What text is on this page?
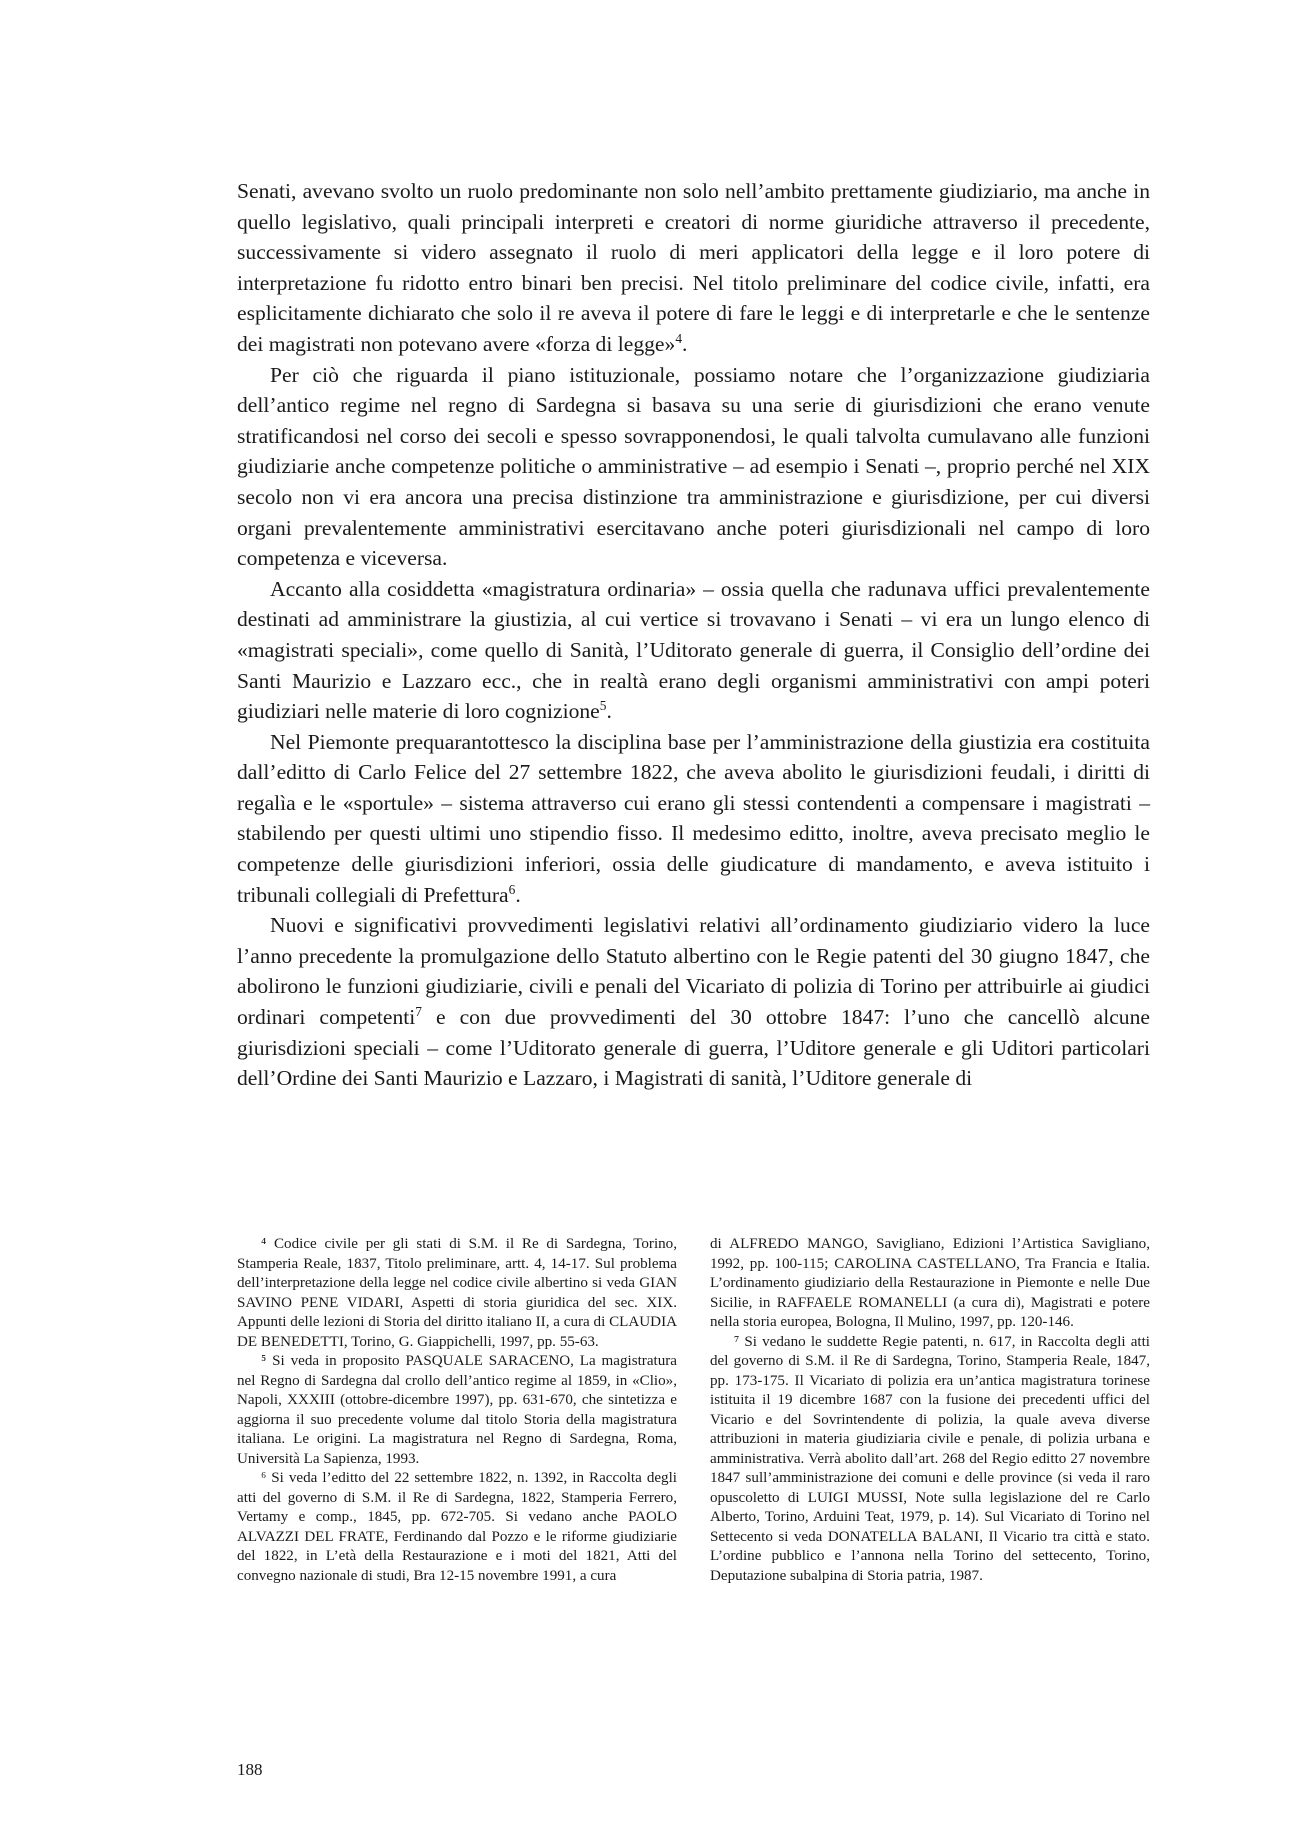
Senati, avevano svolto un ruolo predominante non solo nell’ambito prettamente giudiziario, ma anche in quello legislativo, quali principali interpreti e creatori di norme giuridiche attraverso il precedente, successivamente si videro assegnato il ruolo di meri applicatori della legge e il loro potere di interpretazione fu ridotto entro binari ben precisi. Nel titolo preliminare del codice civile, infatti, era esplicitamente dichiarato che solo il re aveva il potere di fare le leggi e di interpretarle e che le sentenze dei magistrati non potevano avere «forza di legge»$^4$.

Per ciò che riguarda il piano istituzionale, possiamo notare che l’organizzazione giudiziaria dell’antico regime nel regno di Sardegna si basava su una serie di giurisdizioni che erano venute stratificandosi nel corso dei secoli e spesso sovrapponendosi, le quali talvolta cumulavano alle funzioni giudiziarie anche competenze politiche o amministrative – ad esempio i Senati –, proprio perché nel XIX secolo non vi era ancora una precisa distinzione tra amministrazione e giurisdizione, per cui diversi organi prevalentemente amministrativi esercitavano anche poteri giurisdizionali nel campo di loro competenza e viceversa.

Accanto alla cosiddetta «magistratura ordinaria» – ossia quella che radunava uffici prevalentemente destinati ad amministrare la giustizia, al cui vertice si trovavano i Senati – vi era un lungo elenco di «magistrati speciali», come quello di Sanità, l’Uditorato generale di guerra, il Consiglio dell’ordine dei Santi Maurizio e Lazzaro ecc., che in realtà erano degli organismi amministrativi con ampi poteri giudiziari nelle materie di loro cognizione$^5$.

Nel Piemonte prequarantottesco la disciplina base per l’amministrazione della giustizia era costituita dall’editto di Carlo Felice del 27 settembre 1822, che aveva abolito le giurisdizioni feudali, i diritti di regalìa e le «sportule» – sistema attraverso cui erano gli stessi contendenti a compensare i magistrati – stabilendo per questi ultimi uno stipendio fisso. Il medesimo editto, inoltre, aveva precisato meglio le competenze delle giurisdizioni inferiori, ossia delle giudicature di mandamento, e aveva istituito i tribunali collegiali di Prefettura$^6$.

Nuovi e significativi provvedimenti legislativi relativi all’ordinamento giudiziario videro la luce l’anno precedente la promulgazione dello Statuto albertino con le Regie patenti del 30 giugno 1847, che abolirono le funzioni giudiziarie, civili e penali del Vicariato di polizia di Torino per attribuirle ai giudici ordinari competenti$^7$ e con due provvedimenti del 30 ottobre 1847: l’uno che cancellò alcune giurisdizioni speciali – come l’Uditorato generale di guerra, l’Uditore generale e gli Uditori particolari dell’Ordine dei Santi Maurizio e Lazzaro, i Magistrati di sanità, l’Uditore generale di

⁴ Codice civile per gli stati di S.M. il Re di Sardegna, Torino, Stamperia Reale, 1837, Titolo preliminare, artt. 4, 14-17. Sul problema dell’interpretazione della legge nel codice civile albertino si veda GIAN SAVINO PENE VIDARI, Aspetti di storia giuridica del sec. XIX. Appunti delle lezioni di Storia del diritto italiano II, a cura di CLAUDIA DE BENEDETTI, Torino, G. Giappichelli, 1997, pp. 55-63.

⁵ Si veda in proposito PASQUALE SARACENO, La magistratura nel Regno di Sardegna dal crollo dell’antico regime al 1859, in «Clio», Napoli, XXXIII (ottobre-dicembre 1997), pp. 631-670, che sintetizza e aggiorna il suo precedente volume dal titolo Storia della magistratura italiana. Le origini. La magistratura nel Regno di Sardegna, Roma, Università La Sapienza, 1993.

⁶ Si veda l’editto del 22 settembre 1822, n. 1392, in Raccolta degli atti del governo di S.M. il Re di Sardegna, 1822, Stamperia Ferrero, Vertamy e comp., 1845, pp. 672-705. Si vedano anche PAOLO ALVAZZI DEL FRATE, Ferdinando dal Pozzo e le riforme giudiziarie del 1822, in L’età della Restaurazione e i moti del 1821, Atti del convegno nazionale di studi, Bra 12-15 novembre 1991, a cura

di ALFREDO MANGO, Savigliano, Edizioni l’Artistica Savigliano, 1992, pp. 100-115; CAROLINA CASTELLANO, Tra Francia e Italia. L’ordinamento giudiziario della Restaurazione in Piemonte e nelle Due Sicilie, in RAFFAELE ROMANELLI (a cura di), Magistrati e potere nella storia europea, Bologna, Il Mulino, 1997, pp. 120-146.

⁷ Si vedano le suddette Regie patenti, n. 617, in Raccolta degli atti del governo di S.M. il Re di Sardegna, Torino, Stamperia Reale, 1847, pp. 173-175. Il Vicariato di polizia era un’antica magistratura torinese istituita il 19 dicembre 1687 con la fusione dei precedenti uffici del Vicario e del Sovrintendente di polizia, la quale aveva diverse attribuzioni in materia giudiziaria civile e penale, di polizia urbana e amministrativa. Verrà abolito dall’art. 268 del Regio editto 27 novembre 1847 sull’amministrazione dei comuni e delle province (si veda il raro opuscoletto di LUIGI MUSSI, Note sulla legislazione del re Carlo Alberto, Torino, Arduini Teat, 1979, p. 14). Sul Vicariato di Torino nel Settecento si veda DONATELLA BALANI, Il Vicario tra città e stato. L’ordine pubblico e l’annona nella Torino del settecento, Torino, Deputazione subalpina di Storia patria, 1987.

188
